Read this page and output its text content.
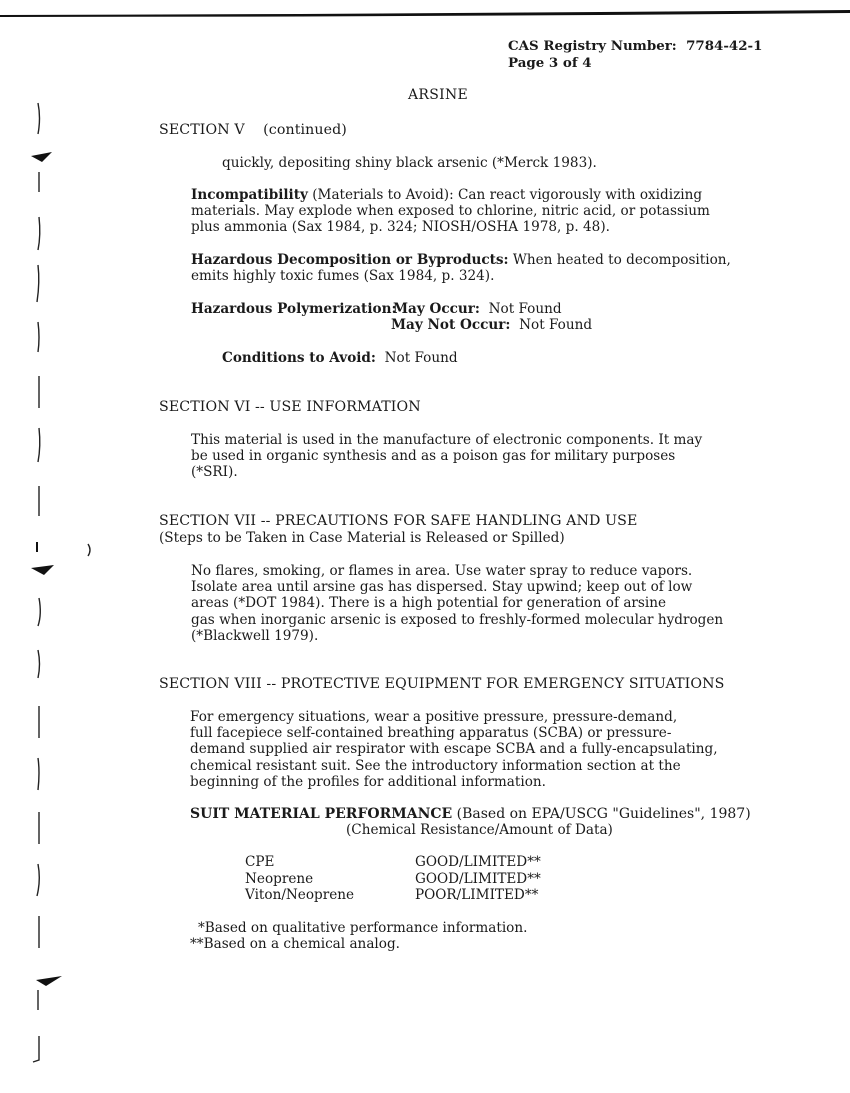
CAS Registry Number: 7784-42-1
Page 3 of 4
ARSINE
SECTION V (continued)
quickly, depositing shiny black arsenic (*Merck 1983).
Incompatibility (Materials to Avoid): Can react vigorously with oxidizing
materials. May explode when exposed to chlorine, nitric acid, or potassium
plus ammonia (Sax 1984, p. 324; NIOSH/OSHA 1978, p. 48).
Hazardous Decomposition or Byproducts: When heated to decomposition,
emits highly toxic fumes (Sax 1984, p. 324).
Hazardous Polymerization:
May Occur: Not Found
May Not Occur: Not Found
Conditions to Avoid: Not Found
SECTION VI -- USE INFORMATION
This material is used in the manufacture of electronic components. It may
be used in organic synthesis and as a poison gas for military purposes
(*SRI).
SECTION VII -- PRECAUTIONS FOR SAFE HANDLING AND USE
(Steps to be Taken in Case Material is Released or Spilled)
No flares, smoking, or flames in area. Use water spray to reduce vapors.
Isolate area until arsine gas has dispersed. Stay upwind; keep out of low
areas (*DOT 1984). There is a high potential for generation of arsine
gas when inorganic arsenic is exposed to freshly-formed molecular hydrogen
(*Blackwell 1979).
SECTION VIII -- PROTECTIVE EQUIPMENT FOR EMERGENCY SITUATIONS
For emergency situations, wear a positive pressure, pressure-demand,
full facepiece self-contained breathing apparatus (SCBA) or pressure-
demand supplied air respirator with escape SCBA and a fully-encapsulating,
chemical resistant suit. See the introductory information section at the
beginning of the profiles for additional information.
SUIT MATERIAL PERFORMANCE (Based on EPA/USCG "Guidelines", 1987)
(Chemical Resistance/Amount of Data)
CPE	GOOD/LIMITED**
Neoprene	GOOD/LIMITED**
Viton/Neoprene	POOR/LIMITED**
*Based on qualitative performance information.
**Based on a chemical analog.
